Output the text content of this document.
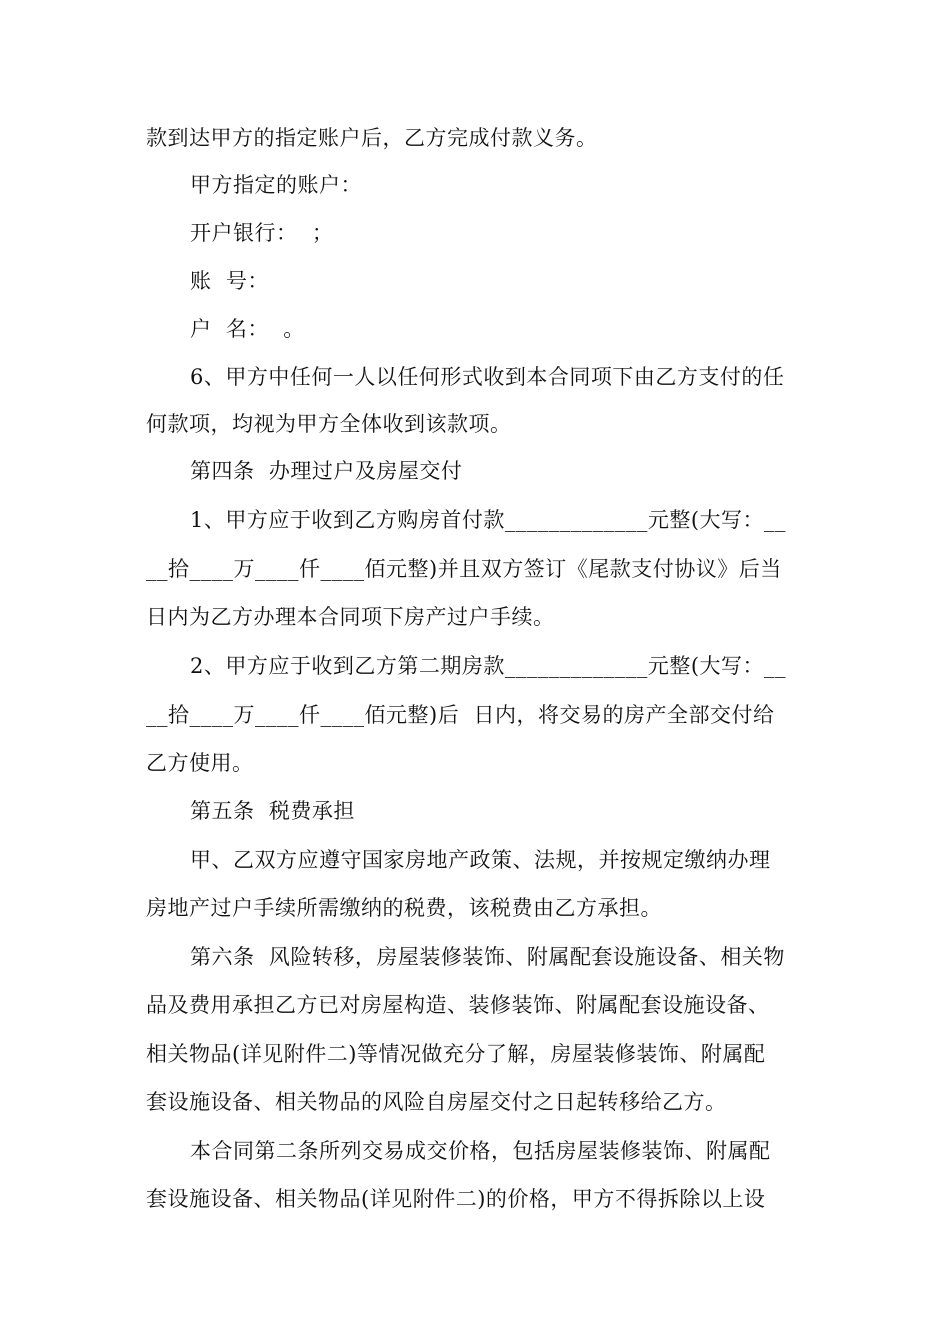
款到达甲方的指定账户后，乙方完成付款义务。
甲方指定的账户：
开户银行：  ；
账  号：
户  名：  。
6、甲方中任何一人以任何形式收到本合同项下由乙方支付的任
何款项，均视为甲方全体收到该款项。
第四条  办理过户及房屋交付
1、甲方应于收到乙方购房首付款_____________元整(大写：__
__拾____万____仟____佰元整)并且双方签订《尾款支付协议》后当
日内为乙方办理本合同项下房产过户手续。
2、甲方应于收到乙方第二期房款_____________元整(大写：__
__拾____万____仟____佰元整)后  日内，将交易的房产全部交付给
乙方使用。
第五条  税费承担
甲、乙双方应遵守国家房地产政策、法规，并按规定缴纳办理
房地产过户手续所需缴纳的税费，该税费由乙方承担。
第六条  风险转移，房屋装修装饰、附属配套设施设备、相关物
品及费用承担乙方已对房屋构造、装修装饰、附属配套设施设备、
相关物品(详见附件二)等情况做充分了解，房屋装修装饰、附属配
套设施设备、相关物品的风险自房屋交付之日起转移给乙方。
本合同第二条所列交易成交价格，包括房屋装修装饰、附属配
套设施设备、相关物品(详见附件二)的价格，甲方不得拆除以上设
